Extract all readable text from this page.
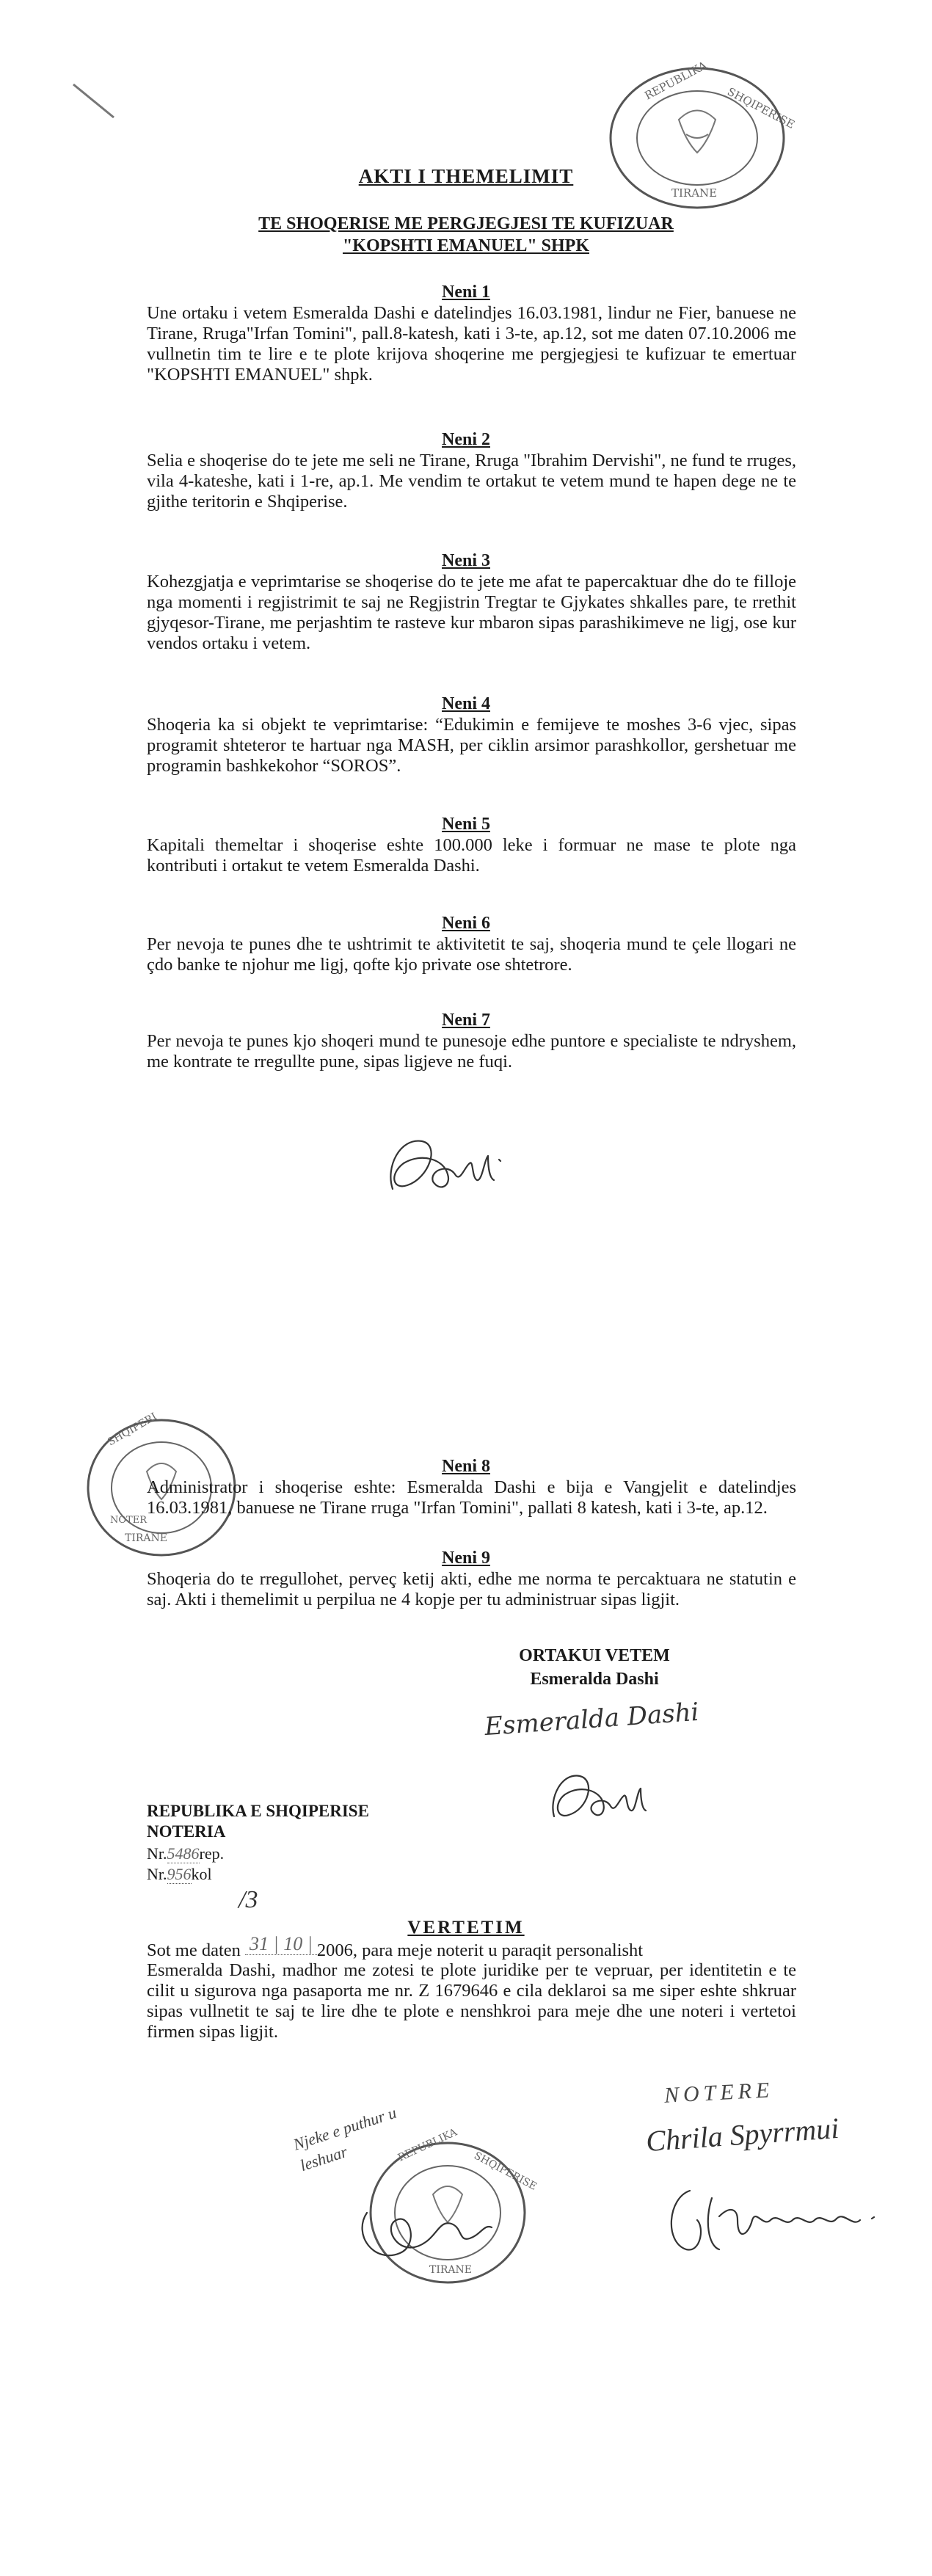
REPUBLIKA
SHQIPERISE
TIRANE
AKTI I THEMELIMIT
TE SHOQERISE ME PERGJEGJESI TE KUFIZUAR
"KOPSHTI EMANUEL" SHPK
Neni 1
Une ortaku i vetem Esmeralda Dashi e datelindjes 16.03.1981, lindur ne Fier, banuese ne Tirane, Rruga"Irfan Tomini", pall.8-katesh, kati i 3-te, ap.12, sot me daten 07.10.2006 me vullnetin tim te lire e te plote krijova shoqerine me pergjegjesi te kufizuar te emertuar "KOPSHTI EMANUEL" shpk.
Neni 2
Selia e shoqerise do te jete me seli ne Tirane, Rruga "Ibrahim Dervishi", ne fund te rruges, vila 4-kateshe, kati i 1-re, ap.1. Me vendim te ortakut te vetem mund te hapen dege ne te gjithe teritorin e Shqiperise.
Neni 3
Kohezgjatja e veprimtarise se shoqerise do te jete me afat te papercaktuar dhe do te filloje nga momenti i regjistrimit te saj ne Regjistrin Tregtar te Gjykates shkalles pare, te rrethit gjyqesor-Tirane, me perjashtim te rasteve kur mbaron sipas parashikimeve ne ligj, ose kur vendos ortaku i vetem.
Neni 4
Shoqeria ka si objekt te veprimtarise: “Edukimin e femijeve te moshes 3-6 vjec, sipas programit shteteror te hartuar nga MASH, per ciklin arsimor parashkollor, gershetuar me programin bashkekohor “SOROS”.
Neni 5
Kapitali themeltar i shoqerise eshte 100.000 leke i formuar ne mase te plote nga kontributi i ortakut te vetem Esmeralda Dashi.
Neni 6
Per nevoja te punes dhe te ushtrimit te aktivitetit te saj, shoqeria mund te çele llogari ne çdo banke te njohur me ligj, qofte kjo private ose shtetrore.
Neni 7
Per nevoja te punes kjo shoqeri mund te punesoje edhe puntore e specialiste te ndryshem, me kontrate te rregullte pune, sipas ligjeve ne fuqi.
SHQIPERI
TIRANE
NOTER
Neni 8
Administrator i shoqerise eshte: Esmeralda Dashi e bija e Vangjelit e datelindjes 16.03.1981, banuese ne Tirane rruga "Irfan Tomini", pallati 8 katesh, kati i 3-te, ap.12.
Neni 9
Shoqeria do te rregullohet, perveç ketij akti, edhe me norma te percaktuara ne statutin e saj. Akti i themelimit u perpilua ne 4 kopje per tu administruar sipas ligjit.
ORTAKUI VETEM
Esmeralda Dashi
Esmeralda Dashi
REPUBLIKA E SHQIPERISE
NOTERIA
Nr.5486rep.
Nr.956kol
/3
VERTETIM
Sot me daten 31 | 10 | 2006, para meje noterit u paraqit personalisht
Esmeralda Dashi, madhor me zotesi te plote juridike per te vepruar, per identitetin e te cilit u sigurova nga pasaporta me nr. Z 1679646 e cila deklaroi sa me siper eshte shkruar sipas vullnetit te saj te lire dhe te plote e nenshkroi para meje dhe une noteri i vertetoi firmen sipas ligjit.
NOTERE
Chrila Spyrrmui
REPUBLIKA
SHQIPERISE
TIRANE
Njeke e puthur u leshuar
